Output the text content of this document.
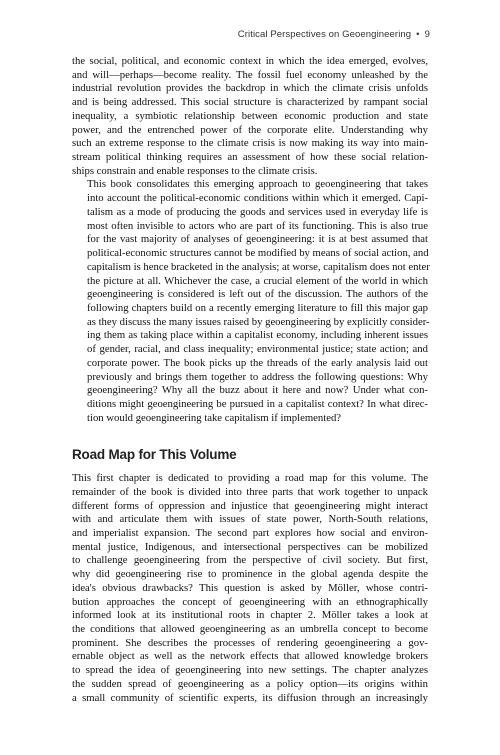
Critical Perspectives on Geoengineering • 9

the social, political, and economic context in which the idea emerged, evolves,
and will—perhaps—become reality. The fossil fuel economy unleashed by the
industrial revolution provides the backdrop in which the climate crisis unfolds
and is being addressed. This social structure is characterized by rampant social
inequality, a symbiotic relationship between economic production and state
power, and the entrenched power of the corporate elite. Understanding why
such an extreme response to the climate crisis is now making its way into main-
stream political thinking requires an assessment of how these social relation-
ships constrain and enable responses to the climate crisis.

This book consolidates this emerging approach to geoengineering that takes
into account the political-economic conditions within which it emerged. Capi-
talism as a mode of producing the goods and services used in everyday life is
most often invisible to actors who are part of its functioning. This is also true
for the vast majority of analyses of geoengineering: it is at best assumed that
political-economic structures cannot be modified by means of social action, and
capitalism is hence bracketed in the analysis; at worse, capitalism does not enter
the picture at all. Whichever the case, a crucial element of the world in which
geoengineering is considered is left out of the discussion. The authors of the
following chapters build on a recently emerging literature to fill this major gap
as they discuss the many issues raised by geoengineering by explicitly consider-
ing them as taking place within a capitalist economy, including inherent issues
of gender, racial, and class inequality; environmental justice; state action; and
corporate power. The book picks up the threads of the early analysis laid out
previously and brings them together to address the following questions: Why
geoengineering? Why all the buzz about it here and now? Under what con-
ditions might geoengineering be pursued in a capitalist context? In what direc-
tion would geoengineering take capitalism if implemented?

Road Map for This Volume

This first chapter is dedicated to providing a road map for this volume. The
remainder of the book is divided into three parts that work together to unpack
different forms of oppression and injustice that geoengineering might interact
with and articulate them with issues of state power, North-South relations,
and imperialist expansion. The second part explores how social and environ-
mental justice, Indigenous, and intersectional perspectives can be mobilized
to challenge geoengineering from the perspective of civil society. But first,
why did geoengineering rise to prominence in the global agenda despite the
idea's obvious drawbacks? This question is asked by Möller, whose contri-
bution approaches the concept of geoengineering with an ethnographically
informed look at its institutional roots in chapter 2. Möller takes a look at
the conditions that allowed geoengineering as an umbrella concept to become
prominent. She describes the processes of rendering geoengineering a gov-
ernable object as well as the network effects that allowed knowledge brokers
to spread the idea of geoengineering into new settings. The chapter analyzes
the sudden spread of geoengineering as a policy option—its origins within
a small community of scientific experts, its diffusion through an increasingly
